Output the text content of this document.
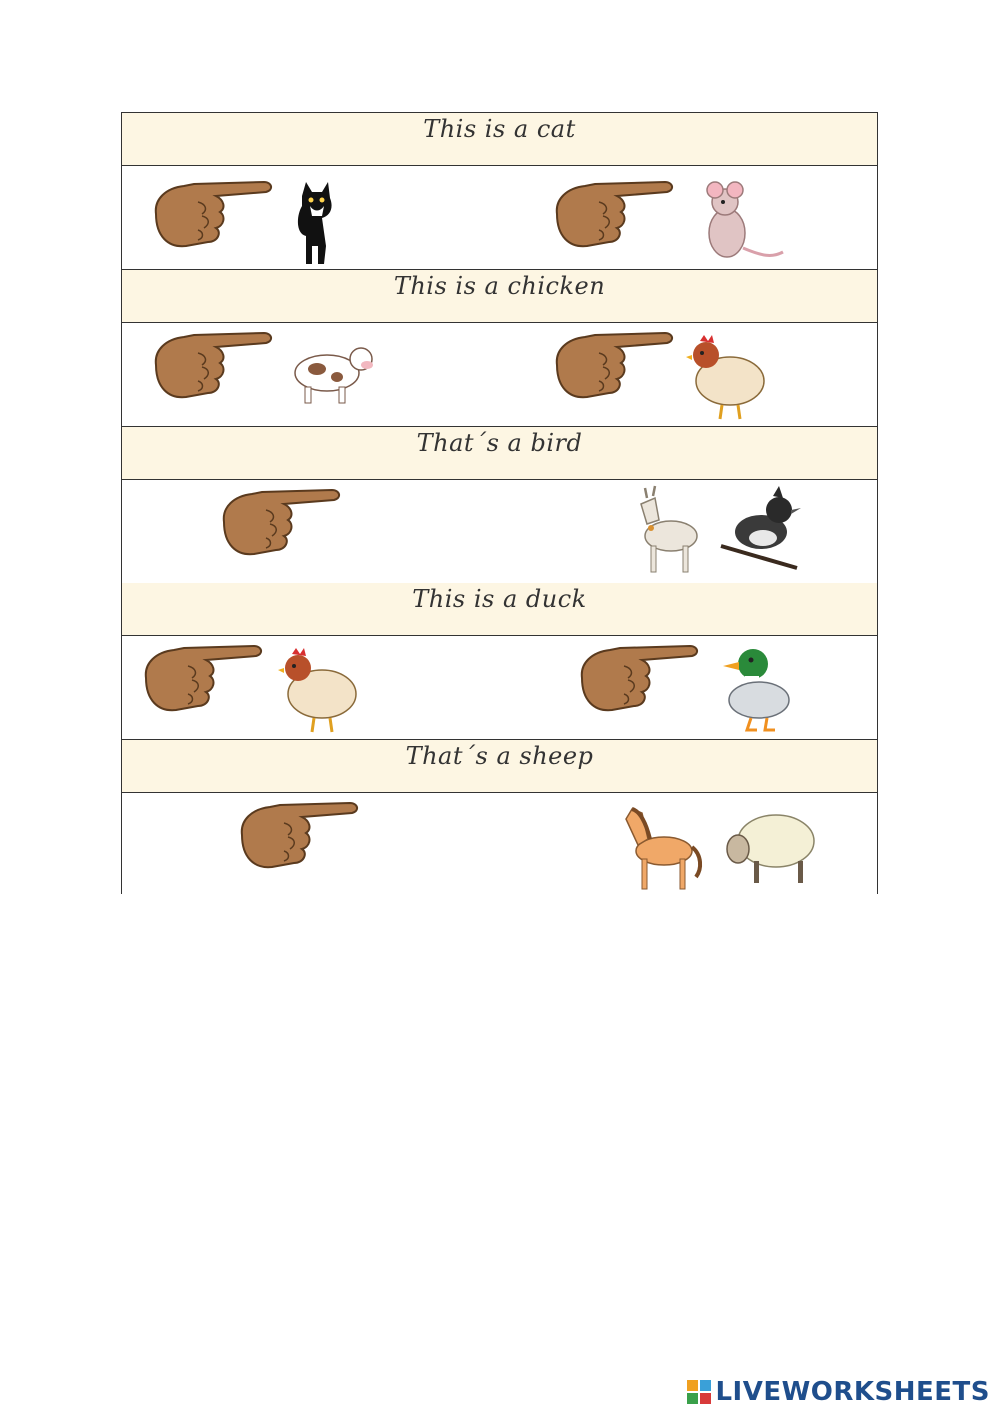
This is a cat
This is a chicken
That´s a bird
This is a duck
That´s a sheep
LIVEWORKSHEETS
